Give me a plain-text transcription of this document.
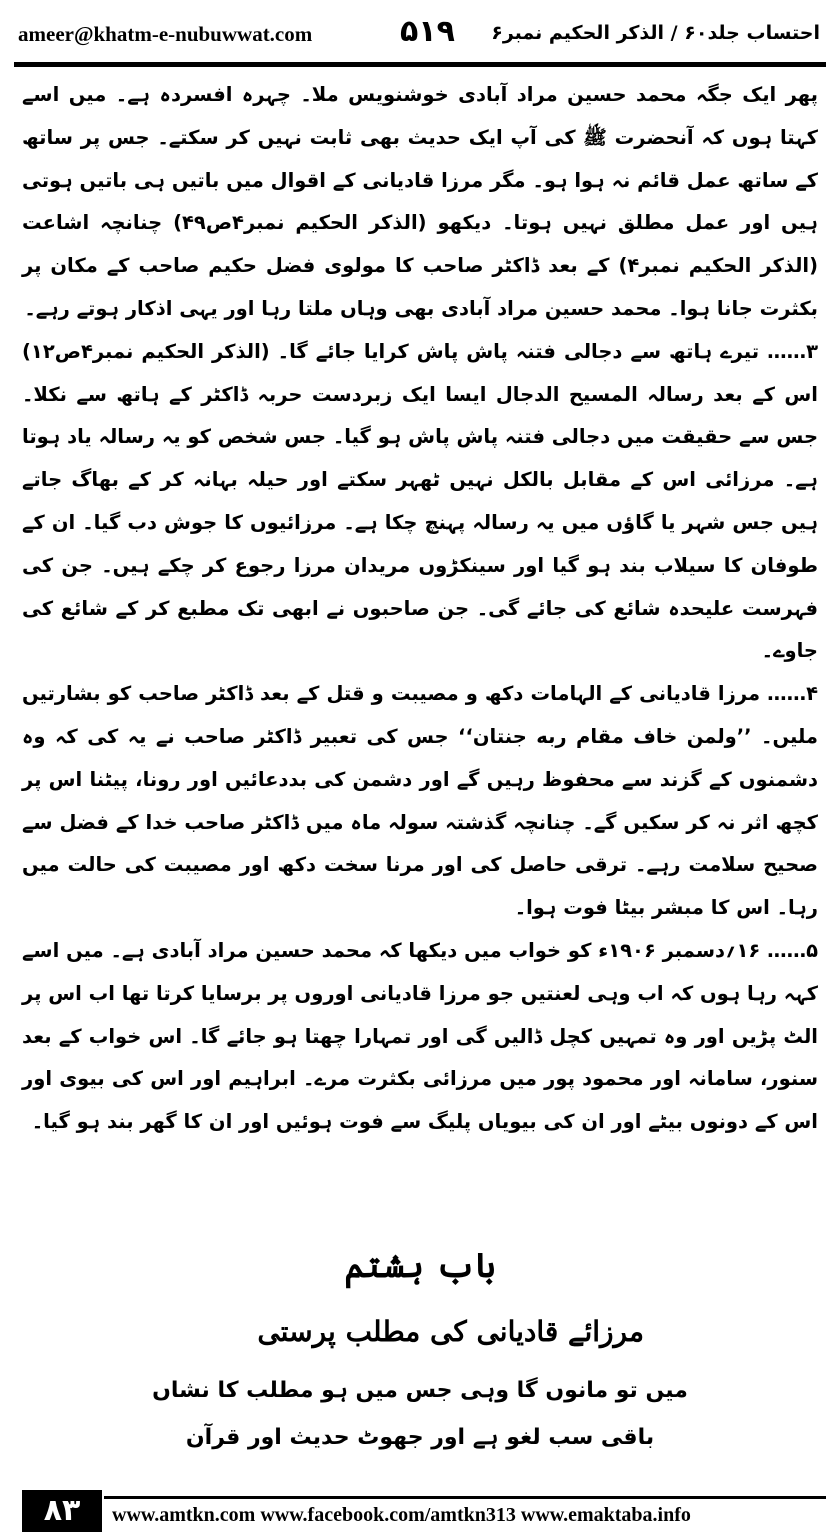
ameer@khatm-e-nubuwwat.com	۵۱۹ احتساب جلد۶۰ / الذکر الحکیم نمبر۶

پھر ایک جگہ محمد حسین مراد آبادی خوشنویس ملا۔ چہرہ افسردہ ہے۔ میں اسے کہتا ہوں کہ آنحضرت ﷺ کی آپ ایک حدیث بھی ثابت نہیں کر سکتے۔ جس پر ساتھ کے ساتھ عمل قائم نہ ہوا ہو۔ مگر مرزا قادیانی کے اقوال میں باتیں ہی باتیں ہوتی ہیں اور عمل مطلق نہیں ہوتا۔ دیکھو (الذکر الحکیم نمبر۴ص۴۹) چنانچہ اشاعت (الذکر الحکیم نمبر۴) کے بعد ڈاکٹر صاحب کا مولوی فضل حکیم صاحب کے مکان پر بکثرت جانا ہوا۔ محمد حسین مراد آبادی بھی وہاں ملتا رہا اور یہی اذکار ہوتے رہے۔

۳…… تیرے ہاتھ سے دجالی فتنہ پاش پاش کرایا جائے گا۔ (الذکر الحکیم نمبر۴ص۱۲) اس کے بعد رسالہ المسیح الدجال ایسا ایک زبردست حربہ ڈاکٹر کے ہاتھ سے نکلا۔ جس سے حقیقت میں دجالی فتنہ پاش پاش ہو گیا۔ جس شخص کو یہ رسالہ یاد ہوتا ہے۔ مرزائی اس کے مقابل بالکل نہیں ٹھہر سکتے اور حیلہ بہانہ کر کے بھاگ جاتے ہیں جس شہر یا گاؤں میں یہ رسالہ پہنچ چکا ہے۔ مرزائیوں کا جوش دب گیا۔ ان کے طوفان کا سیلاب بند ہو گیا اور سینکڑوں مریدان مرزا رجوع کر چکے ہیں۔ جن کی فہرست علیحدہ شائع کی جائے گی۔ جن صاحبوں نے ابھی تک مطبع کر کے شائع کی جاوے۔

۴…… مرزا قادیانی کے الہامات دکھ و مصیبت و قتل کے بعد ڈاکٹر صاحب کو بشارتیں ملیں۔ ’’ولمن خاف مقام ربه جنتان‘‘ جس کی تعبیر ڈاکٹر صاحب نے یہ کی کہ وہ دشمنوں کے گزند سے محفوظ رہیں گے اور دشمن کی بددعائیں اور رونا، پیٹنا اس پر کچھ اثر نہ کر سکیں گے۔ چنانچہ گذشتہ سولہ ماہ میں ڈاکٹر صاحب خدا کے فضل سے صحیح سلامت رہے۔ ترقی حاصل کی اور مرنا سخت دکھ اور مصیبت کی حالت میں رہا۔ اس کا مبشر بیٹا فوت ہوا۔

۵…… ۱۶؍دسمبر ۱۹۰۶ء کو خواب میں دیکھا کہ محمد حسین مراد آبادی ہے۔ میں اسے کہہ رہا ہوں کہ اب وہی لعنتیں جو مرزا قادیانی اوروں پر برسایا کرتا تھا اب اس پر الٹ پڑیں اور وہ تمہیں کچل ڈالیں گی اور تمہارا چھتا ہو جائے گا۔ اس خواب کے بعد سنور، سامانہ اور محمود پور میں مرزائی بکثرت مرے۔ ابراہیم اور اس کی بیوی اور اس کے دونوں بیٹے اور ان کی بیویاں پلیگ سے فوت ہوئیں اور ان کا گھر بند ہو گیا۔

باب ہشتم
مرزائے قادیانی کی مطلب پرستی
میں تو مانوں گا وہی جس میں ہو مطلب کا نشاں
باقی سب لغو ہے اور جھوٹ حدیث اور قرآن
۸۳	www.amtkn.com www.facebook.com/amtkn313 www.emaktaba.info
